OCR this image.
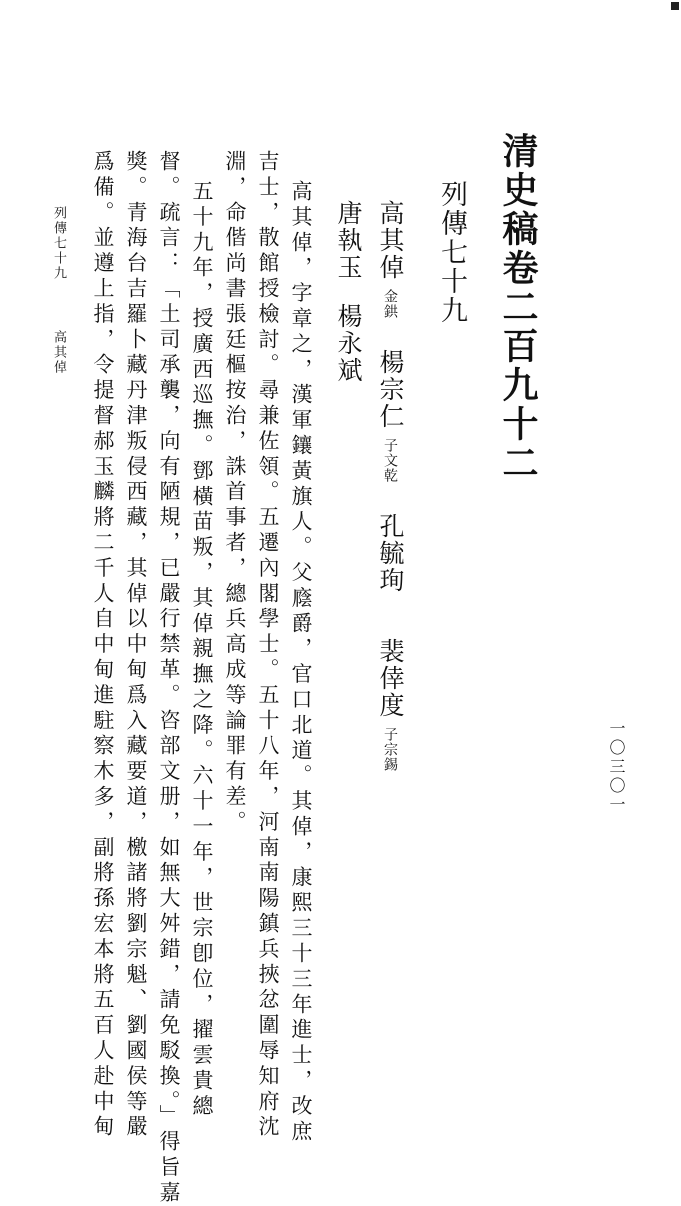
清史稿卷二百九十二
列傳七十九
高其倬金鉷楊宗仁子文乾孔毓珣裴倖度子宗錫
唐執玉楊永斌
高其倬，字章之，漢軍鑲黃旗人。父廕爵，官口北道。其倬，康熙三十三年進士，改庶
吉士，散館授檢討。尋兼佐領。五遷內閣學士。五十八年，河南南陽鎮兵挾忿圍辱知府沈
淵，命偕尚書張廷樞按治，誅首事者，總兵高成等論罪有差。
五十九年，授廣西巡撫。鄧橫苗叛，其倬親撫之降。六十一年，世宗卽位，擢雲貴總
督。疏言：「土司承襲，向有陋規，已嚴行禁革。咨部文册，如無大舛錯，請免駁換。」得旨嘉
獎。青海台吉羅卜藏丹津叛侵西藏，其倬以中甸爲入藏要道，檄諸將劉宗魁、劉國侯等嚴
爲備。並遵上指，令提督郝玉麟將二千人自中甸進駐察木多，副將孫宏本將五百人赴中甸
列傳七十九
高其倬
一〇三〇一
